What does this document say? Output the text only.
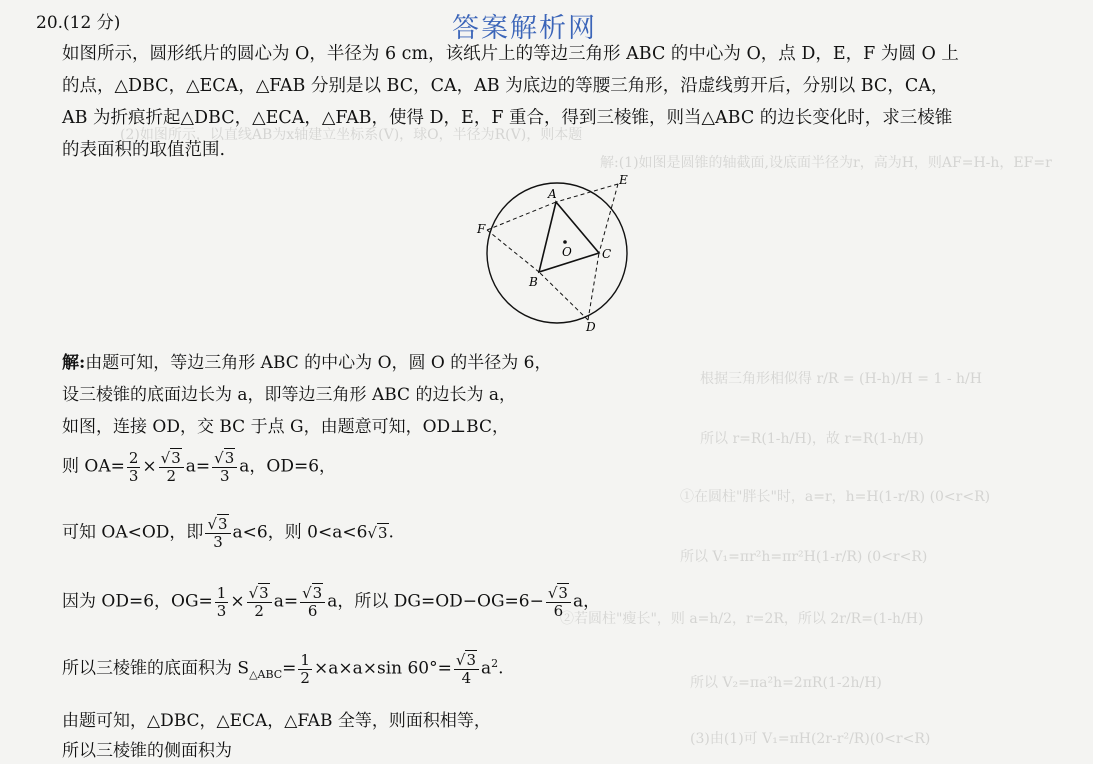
(2)如图所示，以直线AB为x轴建立坐标系(V)，球O，半径为R(V)，则本题
解:(1)如图是圆锥的轴截面,设底面半径为r，高为H，则AF=H-h，EF=r
根据三角形相似得 r/R = (H-h)/H = 1 - h/H
所以 r=R(1-h/H)，故 r=R(1-h/H)
①在圆柱"胖长"时，a=r，h=H(1-r/R) (0<r<R)
所以 V₁=πr²h=πr²H(1-r/R) (0<r<R)
②若圆柱"瘦长"，则 a=h/2，r=2R，所以 2r/R=(1-h/H)
所以 V₂=πa²h=2πR(1-2h/H)
(3)由(1)可 V₁=πH(2r-r²/R)(0<r<R)
20.(12 分)	答案解析网
如图所示，圆形纸片的圆心为 O，半径为 6 cm，该纸片上的等边三角形 ABC 的中心为 O，点 D，E，F 为圆 O 上
的点，△DBC，△ECA，△FAB 分别是以 BC，CA，AB 为底边的等腰三角形，沿虚线剪开后，分别以 BC，CA，
AB 为折痕折起△DBC，△ECA，△FAB，使得 D，E，F 重合，得到三棱锥，则当△ABC 的边长变化时，求三棱锥
的表面积的取值范围.
A
B
C
D
E
F
O
解:由题可知，等边三角形 ABC 的中心为 O，圆 O 的半径为 6，
设三棱锥的底面边长为 a，即等边三角形 ABC 的边长为 a，
如图，连接 OD，交 BC 于点 G，由题意可知，OD⊥BC，
则 $OA= \frac{2}{3} \times \frac{√3}{2} a= \frac{√3}{3}$ a，OD=6，
可知 OA<OD，即 $\frac{√3}{3} a<6$，则 0<a<6√3.
因为 OD=6，$OG= \frac{1}{3} \times \frac{√3}{2} a= \frac{√3}{6}$ a，所以 $DG=OD-OG=6- \frac{√3}{6}$ a，
所以三棱锥的底面积为 $S_{\triangle ABC}= \frac{1}{2} \times a\times a\times\sin$ $60^\circ= \frac{√3}{4} a^2$.
由题可知，△DBC，△ECA，△FAB 全等，则面积相等，
所以三棱锥的侧面积为
